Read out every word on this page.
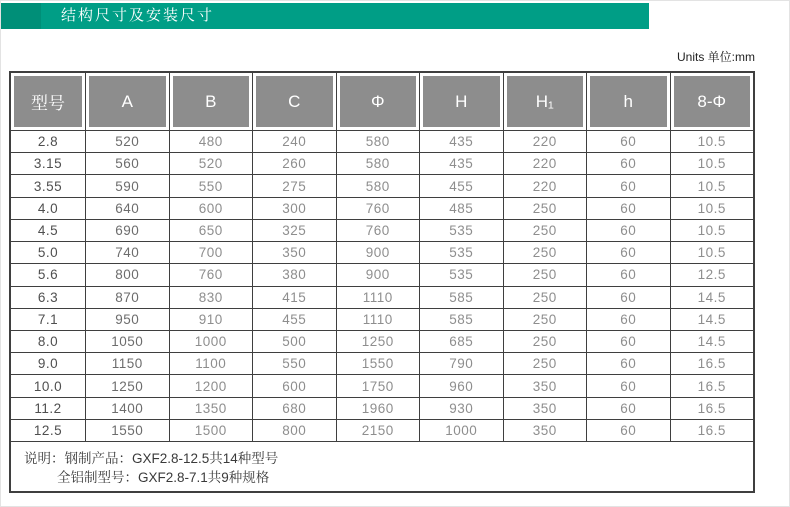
结构尺寸及安装尺寸
Units 单位:mm
型号	A	B	C	Φ	H	H₁	h	8-Φ
2.8	520	480	240	580	435	220	60	10.5
3.15	560	520	260	580	435	220	60	10.5
3.55	590	550	275	580	455	220	60	10.5
4.0	640	600	300	760	485	250	60	10.5
4.5	690	650	325	760	535	250	60	10.5
5.0	740	700	350	900	535	250	60	10.5
5.6	800	760	380	900	535	250	60	12.5
6.3	870	830	415	1110	585	250	60	14.5
7.1	950	910	455	1110	585	250	60	14.5
8.0	1050	1000	500	1250	685	250	60	14.5
9.0	1150	1100	550	1550	790	250	60	16.5
10.0	1250	1200	600	1750	960	350	60	16.5
11.2	1400	1350	680	1960	930	350	60	16.5
12.5	1550	1500	800	2150	1000	350	60	16.5
说明：钢制产品：GXF2.8-12.5共14种型号
全铝制型号：GXF2.8-7.1共9种规格
